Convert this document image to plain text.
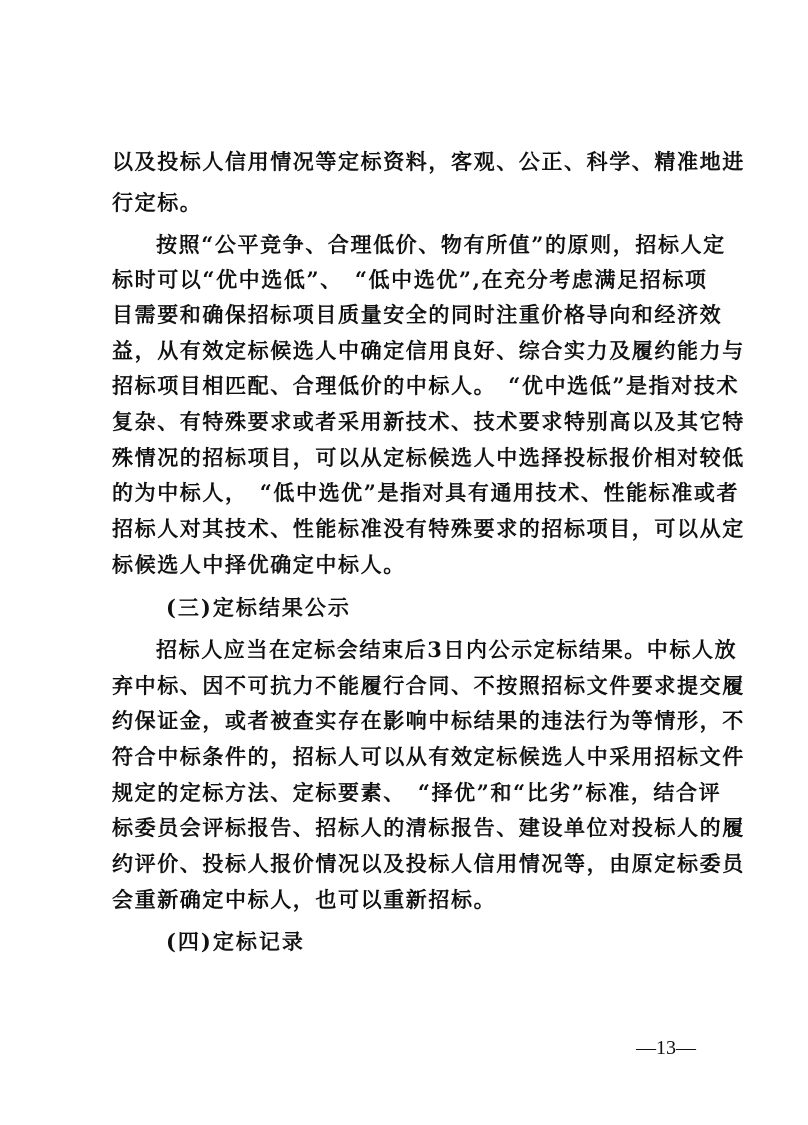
以及投标人信用情况等定标资料，客观、公正、科学、精准地进
行定标。
按照“公平竞争、合理低价、物有所值”的原则，招标人定
标时可以“优中选低”、　“低中选优”,在充分考虑满足招标项
目需要和确保招标项目质量安全的同时注重价格导向和经济效
益，从有效定标候选人中确定信用良好、综合实力及履约能力与
招标项目相匹配、合理低价的中标人。　“优中选低”是指对技术
复杂、有特殊要求或者采用新技术、技术要求特别高以及其它特
殊情况的招标项目，可以从定标候选人中选择投标报价相对较低
的为中标人，　“低中选优”是指对具有通用技术、性能标准或者
招标人对其技术、性能标准没有特殊要求的招标项目，可以从定
标候选人中择优确定中标人。
(三)定标结果公示
招标人应当在定标会结束后3日内公示定标结果。中标人放
弃中标、因不可抗力不能履行合同、不按照招标文件要求提交履
约保证金，或者被查实存在影响中标结果的违法行为等情形，不
符合中标条件的，招标人可以从有效定标候选人中采用招标文件
规定的定标方法、定标要素、　“择优”和“比劣”标准，结合评
标委员会评标报告、招标人的清标报告、建设单位对投标人的履
约评价、投标人报价情况以及投标人信用情况等，由原定标委员
会重新确定中标人，也可以重新招标。
(四)定标记录
—13—
